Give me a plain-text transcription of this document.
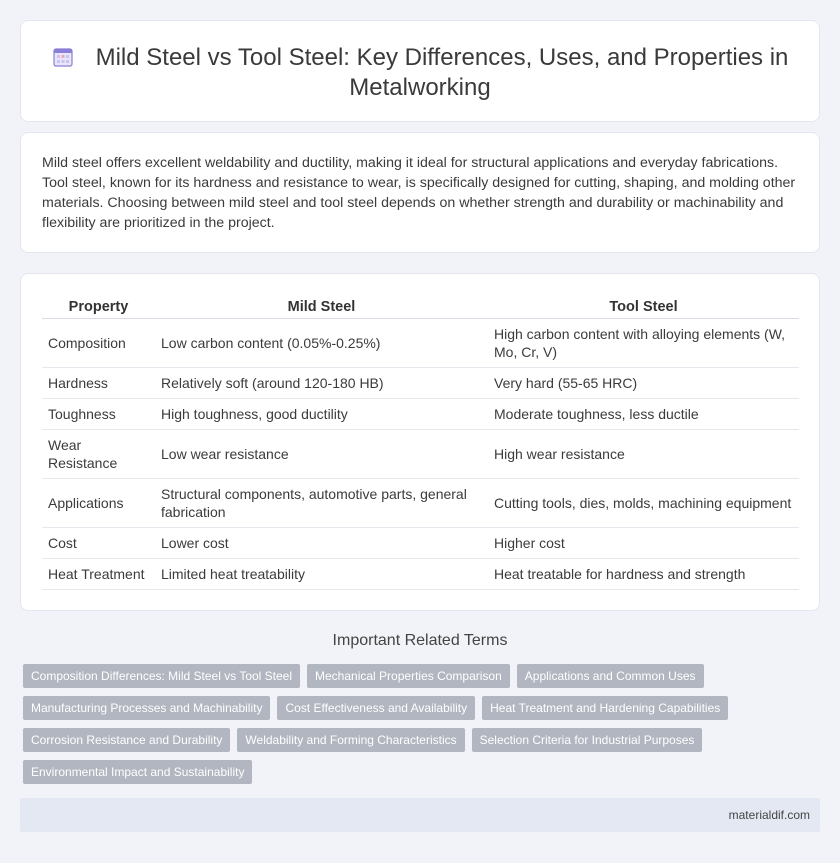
Mild Steel vs Tool Steel: Key Differences, Uses, and Properties in Metalworking

Mild steel offers excellent weldability and ductility, making it ideal for structural applications and everyday fabrications. Tool steel, known for its hardness and resistance to wear, is specifically designed for cutting, shaping, and molding other materials. Choosing between mild steel and tool steel depends on whether strength and durability or machinability and flexibility are prioritized in the project.

Property	Mild Steel	Tool Steel
Composition	Low carbon content (0.05%-0.25%)	High carbon content with alloying elements (W, Mo, Cr, V)
Hardness	Relatively soft (around 120-180 HB)	Very hard (55-65 HRC)
Toughness	High toughness, good ductility	Moderate toughness, less ductile
Wear Resistance	Low wear resistance	High wear resistance
Applications	Structural components, automotive parts, general fabrication	Cutting tools, dies, molds, machining equipment
Cost	Lower cost	Higher cost
Heat Treatment	Limited heat treatability	Heat treatable for hardness and strength
Important Related Terms
Composition Differences: Mild Steel vs Tool Steel	Mechanical Properties Comparison	Applications and Common Uses
Manufacturing Processes and Machinability	Cost Effectiveness and Availability	Heat Treatment and Hardening Capabilities
Corrosion Resistance and Durability	Weldability and Forming Characteristics	Selection Criteria for Industrial Purposes
Environmental Impact and Sustainability
materialdif.com
